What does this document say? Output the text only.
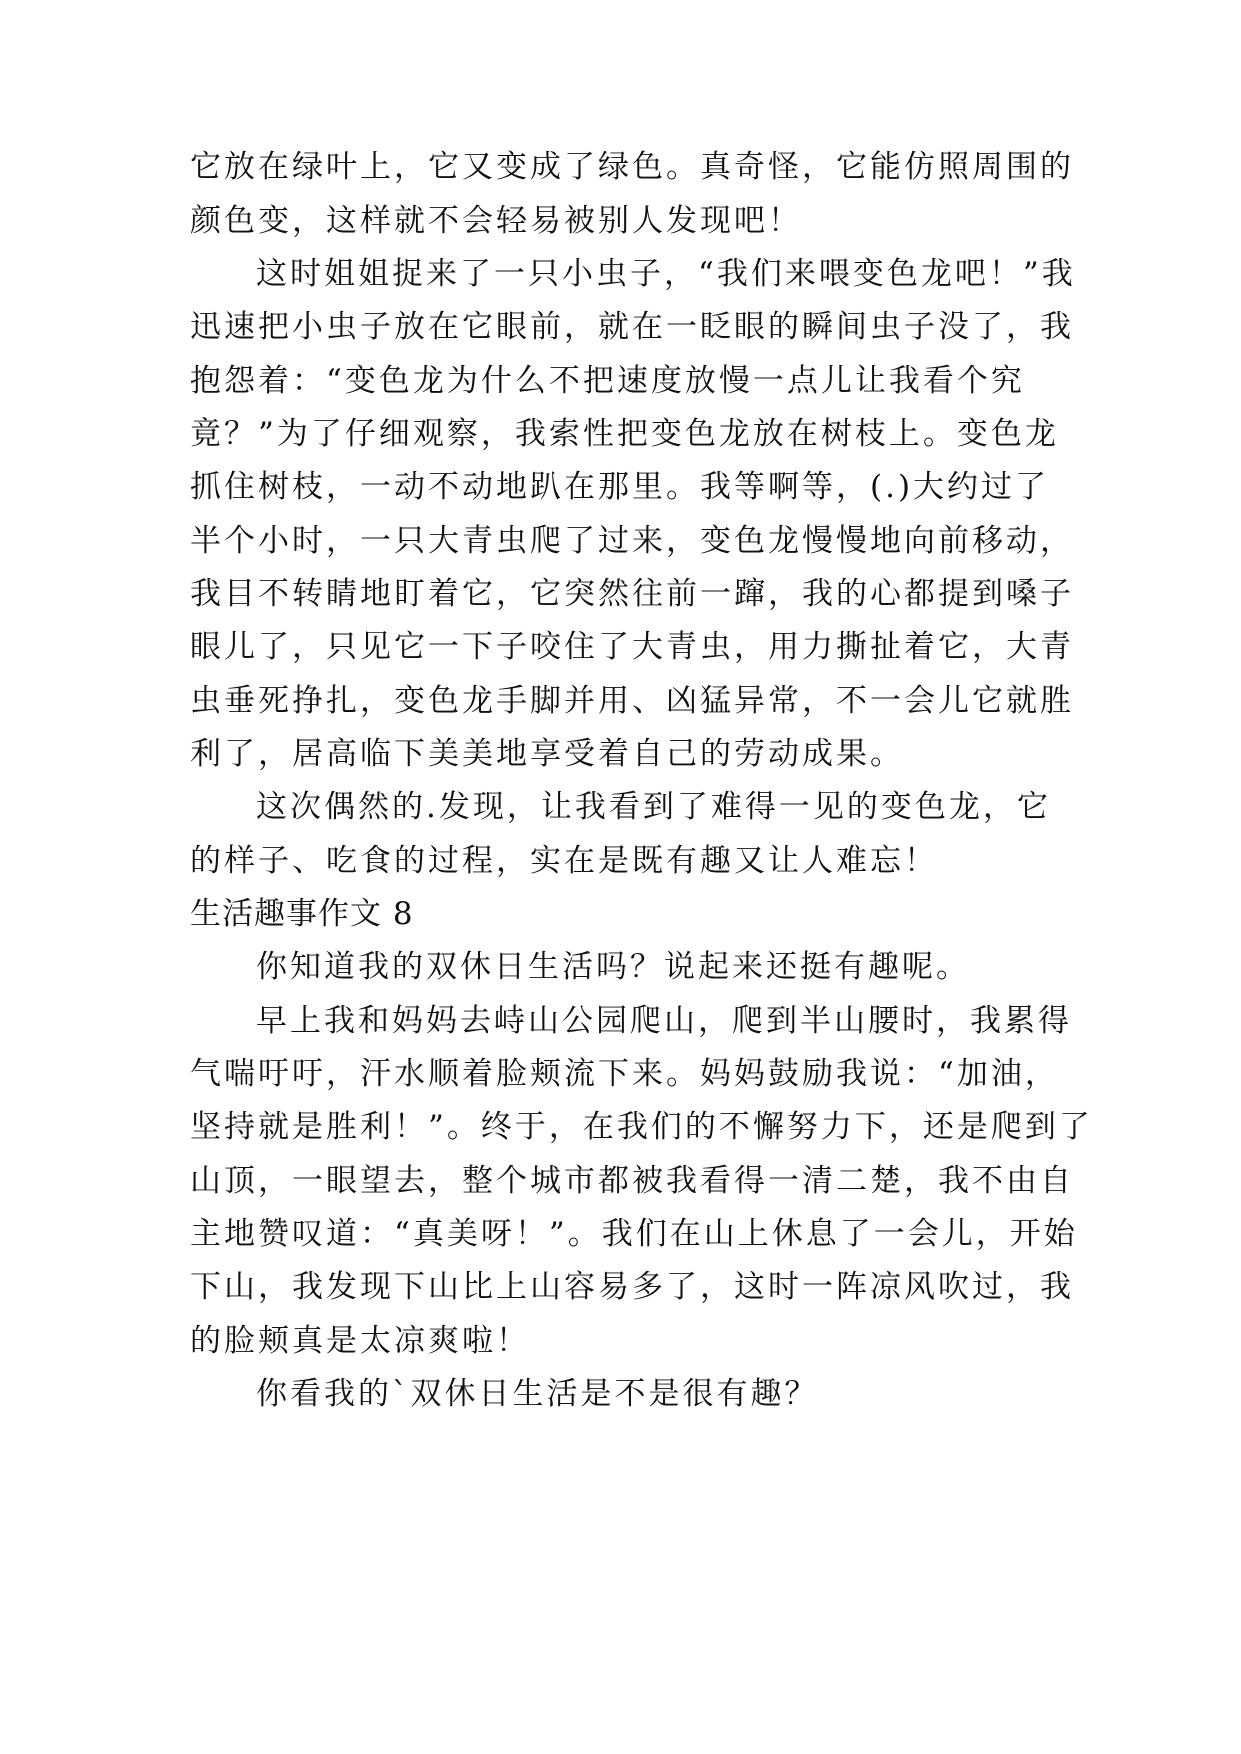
它放在绿叶上，它又变成了绿色。真奇怪，它能仿照周围的
颜色变，这样就不会轻易被别人发现吧！
这时姐姐捉来了一只小虫子，“我们来喂变色龙吧！”我
迅速把小虫子放在它眼前，就在一眨眼的瞬间虫子没了，我
抱怨着：“变色龙为什么不把速度放慢一点儿让我看个究
竟？”为了仔细观察，我索性把变色龙放在树枝上。变色龙
抓住树枝，一动不动地趴在那里。我等啊等，(.)大约过了
半个小时，一只大青虫爬了过来，变色龙慢慢地向前移动，
我目不转睛地盯着它，它突然往前一蹿，我的心都提到嗓子
眼儿了，只见它一下子咬住了大青虫，用力撕扯着它，大青
虫垂死挣扎，变色龙手脚并用、凶猛异常，不一会儿它就胜
利了，居高临下美美地享受着自己的劳动成果。
这次偶然的.发现，让我看到了难得一见的变色龙，它
的样子、吃食的过程，实在是既有趣又让人难忘！
生活趣事作文 8
你知道我的双休日生活吗？说起来还挺有趣呢。
早上我和妈妈去峙山公园爬山，爬到半山腰时，我累得
气喘吁吁，汗水顺着脸颊流下来。妈妈鼓励我说：“加油，
坚持就是胜利！”。终于，在我们的不懈努力下，还是爬到了
山顶，一眼望去，整个城市都被我看得一清二楚，我不由自
主地赞叹道：“真美呀！”。我们在山上休息了一会儿，开始
下山，我发现下山比上山容易多了，这时一阵凉风吹过，我
的脸颊真是太凉爽啦！
你看我的`双休日生活是不是很有趣？
